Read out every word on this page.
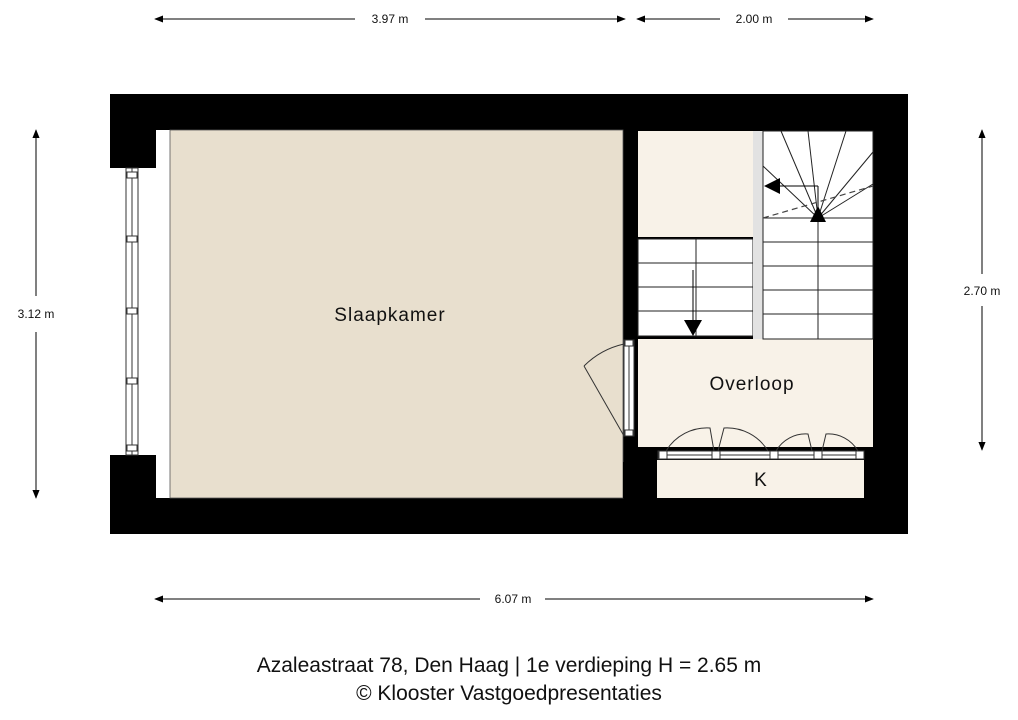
3.97 m	2.00 m
6.07 m
3.12 m
2.70 m
Slaapkamer
Overloop
K
Azaleastraat 78, Den Haag | 1e verdieping H = 2.65 m
© Klooster Vastgoedpresentaties
